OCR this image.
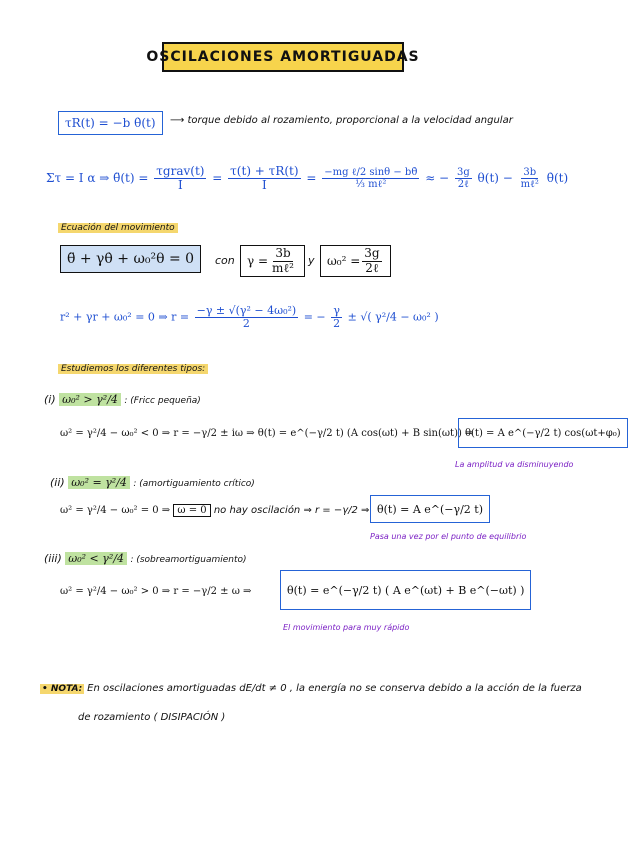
OSCILACIONES AMORTIGUADAS
τR(t) = −b θ̇(t) ⟶ torque debido al rozamiento, proporcional a la velocidad angular
Στ = I α ⇒ θ̈(t) = $\frac{\text{τgrav(t)}}{I} = \frac{\tau(t) + \tau R(t)}{I} = \frac{\text{−mg ℓ/2 sinθ − bθ̇}}{\text{⅓ mℓ²}}$ ≈ − $\frac{3g}{\text{2ℓ}} \theta(t) - \frac{3b}{\text{mℓ²}}$ θ̇(t)
Ecuación del movimiento
θ̈ + γθ̇ + ω₀²θ = 0 con $\gamma = \frac{3b}{\text{mℓ²}}$ y $\omega_0^2 = \frac{3g}{\text{2ℓ}}$
r² + γr + ω₀² = 0 ⇒ $r = \frac{\text{−γ ± √(γ² − 4ω₀²)}}{2}$ = − $\frac{\gamma}{2}$ ± √( γ²/4 − ω₀² )
Estudiemos los diferentes tipos:
(i) ω₀² > γ²/4 : (Fricc pequeña)
ω² = γ²/4 − ω₀² < 0 ⇒ r = −γ/2 ± iω ⇒ θ(t) = e^(−γ/2 t) (A cos(ωt) + B sin(ωt)) ⇒
θ(t) = A e^(−γ/2 t) cos(ωt+φ₀)
La amplitud va disminuyendo
(ii) ω₀² = γ²/4 : (amortiguamiento crítico)
ω² = γ²/4 − ω₀² = 0 ⇒ ω = 0 no hay oscilación ⇒ r = −γ/2 ⇒ θ(t) = A e^(−γ/2 t)
Pasa una vez por el punto de equilibrio
(iii) ω₀² < γ²/4 : (sobreamortiguamiento)
ω² = γ²/4 − ω₀² > 0 ⇒ r = −γ/2 ± ω ⇒	θ(t) = e^(−γ/2 t) ( A e^(ωt) + B e^(−ωt) )
El movimiento para muy rápido
• NOTA: En oscilaciones amortiguadas dE/dt ≠ 0 , la energía no se conserva debido a la acción de la fuerza
de rozamiento ( DISIPACIÓN )
